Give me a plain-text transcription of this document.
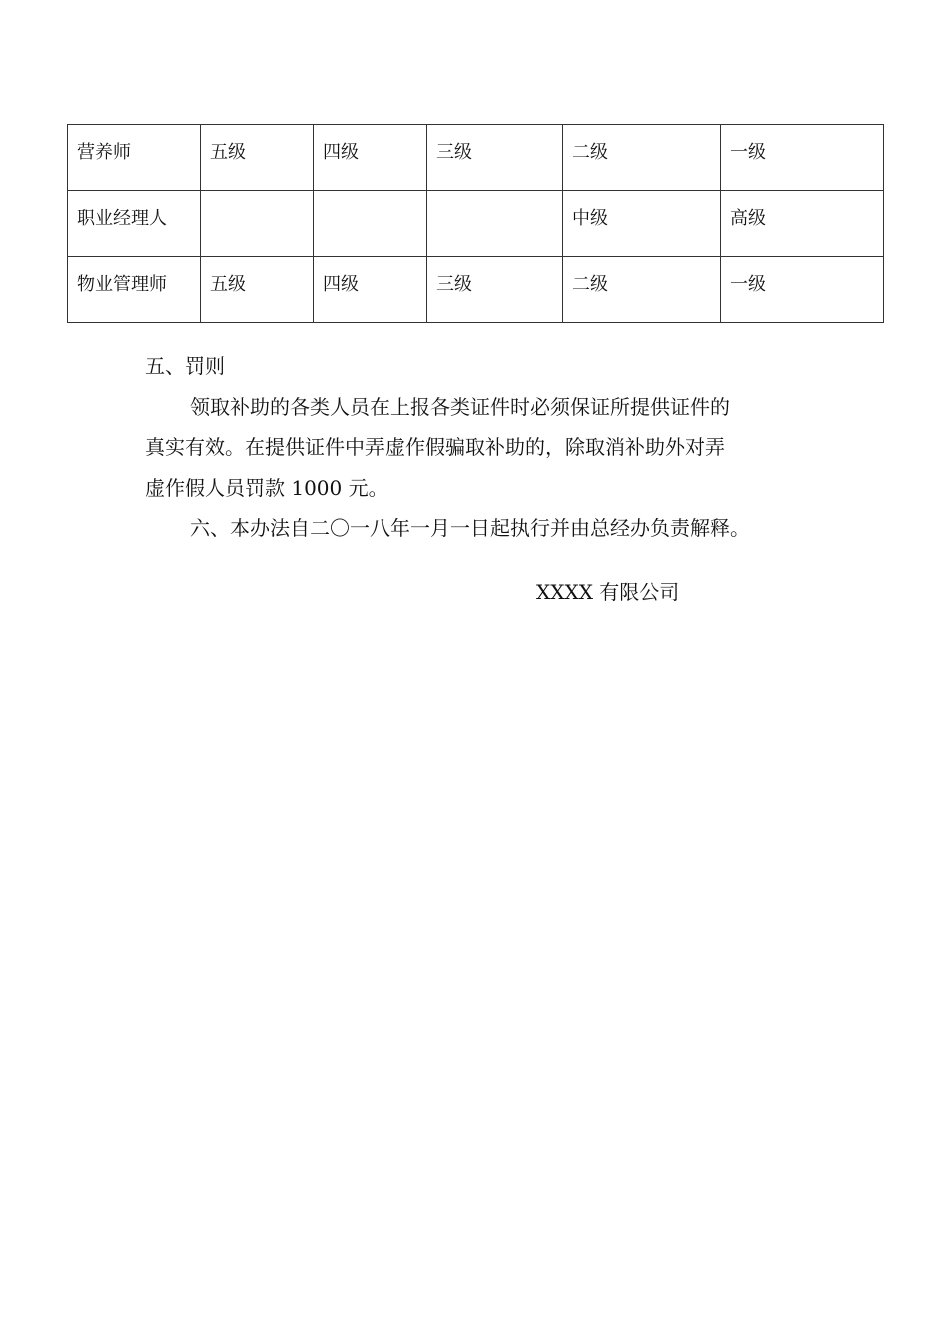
营养师	五级	四级	三级	二级	一级

职业经理人				中级	高级

物业管理师	五级	四级	三级	二级	一级
五、罚则
领取补助的各类人员在上报各类证件时必须保证所提供证件的
真实有效。在提供证件中弄虚作假骗取补助的，除取消补助外对弄
虚作假人员罚款 1000 元。
六、本办法自二〇一八年一月一日起执行并由总经办负责解释。
XXXX 有限公司
